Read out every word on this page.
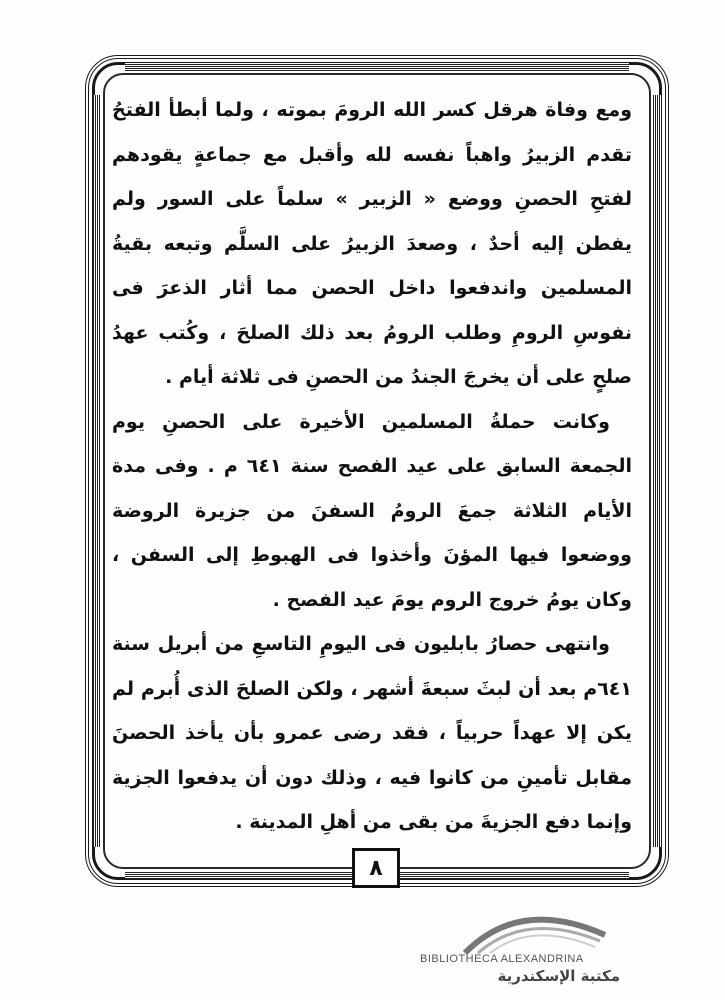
ومع وفاة هرقل كسر الله الرومَ بموته ، ولما أبطأ الفتحُ تقدم الزبيرُ واهباً نفسه لله وأقبل مع جماعةٍ يقودهم لفتحِ الحصنِ ووضع « الزبير » سلماً على السور ولم يفطن إليه أحدٌ ، وصعدَ الزبيرُ على السلَّم وتبعه بقيةُ المسلمين واندفعوا داخل الحصن مما أثار الذعرَ فى نفوسِ الرومِ وطلب الرومُ بعد ذلك الصلحَ ، وكُتب عهدُ صلحٍ على أن يخرجَ الجندُ من الحصنِ فى ثلاثة أيام .

وكانت حملةُ المسلمين الأخيرة على الحصنِ يوم الجمعة السابق على عيد الفصح سنة ٦٤١ م . وفى مدة الأيام الثلاثة جمعَ الرومُ السفنَ من جزيرة الروضة ووضعوا فيها المؤنَ وأخذوا فى الهبوطِ إلى السفن ، وكان يومُ خروج الروم يومَ عيد الفصح .

وانتهى حصارُ بابليون فى اليومِ التاسعِ من أبريل سنة ٦٤١م بعد أن لبثَ سبعةَ أشهر ، ولكن الصلحَ الذى أُبرم لم يكن إلا عهداً حربياً ، فقد رضى عمرو بأن يأخذ الحصنَ مقابل تأمينِ من كانوا فيه ، وذلك دون أن يدفعوا الجزية وإنما دفع الجزيةَ من بقى من أهلِ المدينة .

٨
BIBLIOTHECA ALEXANDRINA
مكتبة الإسكندرية
